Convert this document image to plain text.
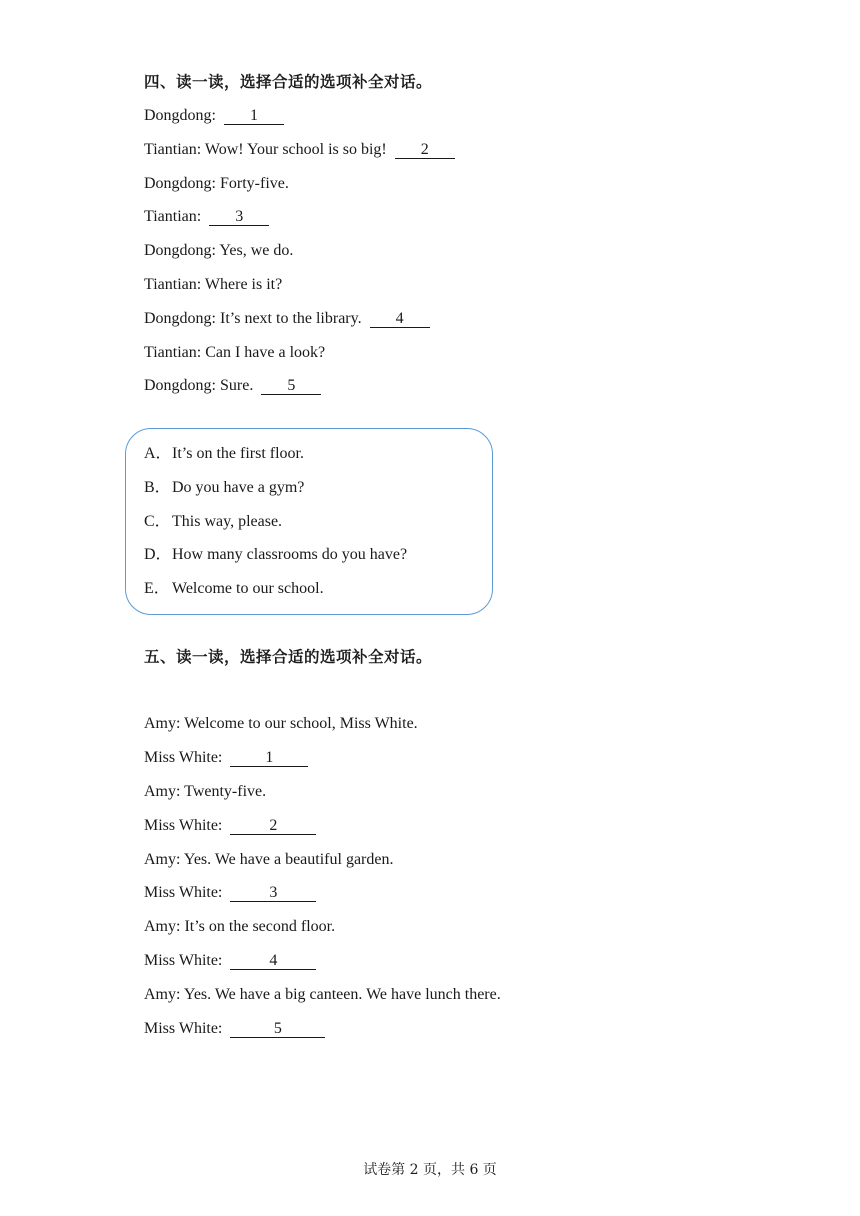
四、读一读，选择合适的选项补全对话。
Dongdong: 1
Tiantian: Wow! Your school is so big! 2
Dongdong: Forty-five.
Tiantian: 3
Dongdong: Yes, we do.
Tiantian: Where is it?
Dongdong: It’s next to the library. 4
Tiantian: Can I have a look?
Dongdong: Sure. 5
A．It’s on the first floor.
B．Do you have a gym?
C．This way, please.
D．How many classrooms do you have?
E． Welcome to our school.
五、读一读，选择合适的选项补全对话。
Amy: Welcome to our school, Miss White.
Miss White:	1
Amy: Twenty-five.
Miss White:	2
Amy: Yes. We have a beautiful garden.
Miss White:	3
Amy: It’s on the second floor.
Miss White:	4
Amy: Yes. We have a big canteen. We have lunch there.
Miss White:	5
试卷第 2 页，共 6 页
